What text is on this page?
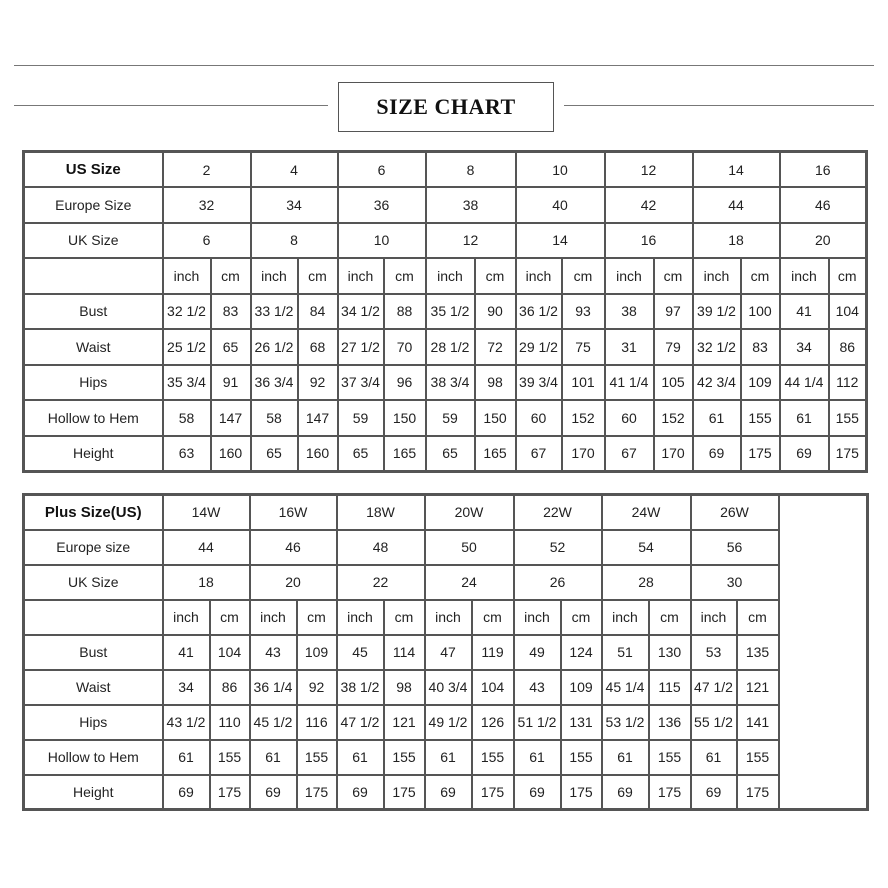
SIZE CHART
US Size	2		4		6		8		10		12		14		16	
Europe Size	32		34		36		38		40		42		44		46	
UK Size	6		8		10		12		14		16		18		20	
	inch	cm	inch	cm	inch	cm	inch	cm	inch	cm	inch	cm	inch	cm	inch	cm
Bust	32 1/2	83	33 1/2	84	34 1/2	88	35 1/2	90	36 1/2	93	38	97	39 1/2	100	41	104
Waist	25 1/2	65	26 1/2	68	27 1/2	70	28 1/2	72	29 1/2	75	31	79	32 1/2	83	34	86
Hips	35 3/4	91	36 3/4	92	37 3/4	96	38 3/4	98	39 3/4	101	41 1/4	105	42 3/4	109	44 1/4	112
Hollow to Hem	58	147	58	147	59	150	59	150	60	152	60	152	61	155	61	155
Height	63	160	65	160	65	165	65	165	67	170	67	170	69	175	69	175
Plus Size(US)	14W		16W		18W		20W		22W		24W		26W		
Europe size	44		46		48		50		52		54		56		
UK Size	18		20		22		24		26		28		30		
	inch	cm	inch	cm	inch	cm	inch	cm	inch	cm	inch	cm	inch	cm	
Bust	41	104	43	109	45	114	47	119	49	124	51	130	53	135	
Waist	34	86	36 1/4	92	38 1/2	98	40 3/4	104	43	109	45 1/4	115	47 1/2	121	
Hips	43 1/2	110	45 1/2	116	47 1/2	121	49 1/2	126	51 1/2	131	53 1/2	136	55 1/2	141	
Hollow to Hem	61	155	61	155	61	155	61	155	61	155	61	155	61	155	
Height	69	175	69	175	69	175	69	175	69	175	69	175	69	175	
